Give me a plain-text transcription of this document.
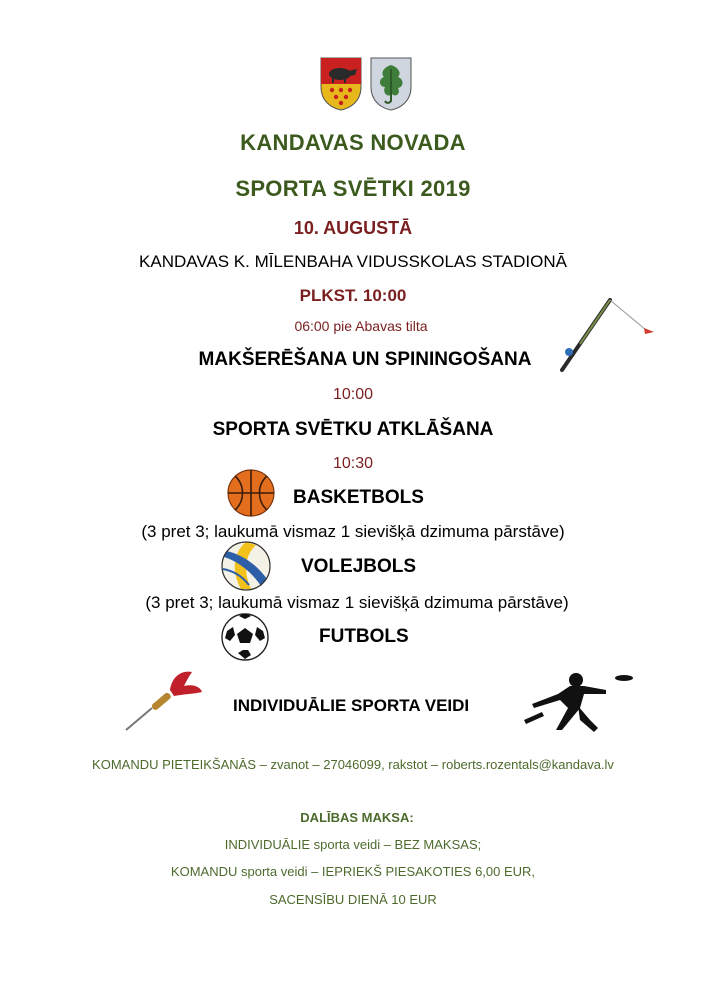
KANDAVAS NOVADA
SPORTA SVĒTKI 2019
10. AUGUSTĀ
KANDAVAS K. MĪLENBAHA VIDUSSKOLAS STADIONĀ
PLKST. 10:00
06:00 pie Abavas tilta
MAKŠERĒŠANA UN SPININGOŠANA
10:00
SPORTA SVĒTKU ATKLĀŠANA
10:30
BASKETBOLS
(3 pret 3; laukumā vismaz 1 sievišķā dzimuma pārstāve)
VOLEJBOLS
(3 pret 3; laukumā vismaz 1 sievišķā dzimuma pārstāve)
FUTBOLS
INDIVIDUĀLIE SPORTA VEIDI
KOMANDU PIETEIKŠANĀS – zvanot – 27046099, rakstot – roberts.rozentals@kandava.lv
DALĪBAS MAKSA:
INDIVIDUĀLIE sporta veidi – BEZ MAKSAS;
KOMANDU sporta veidi – IEPRIEKŠ PIESAKOTIES 6,00 EUR,
SACENSĪBU DIENĀ 10 EUR
